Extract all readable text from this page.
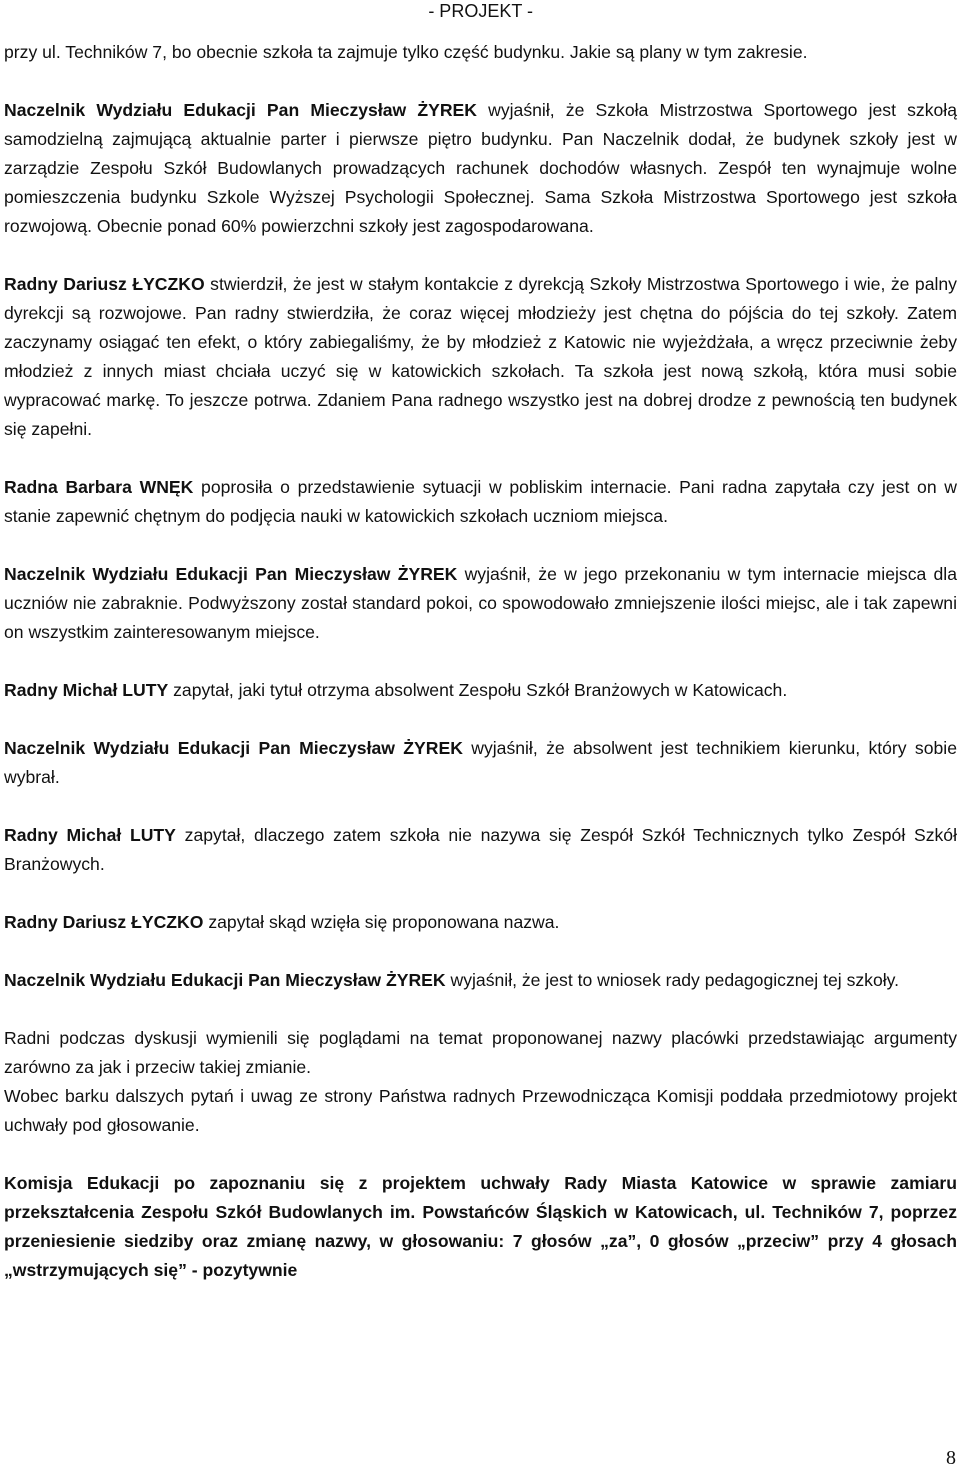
- PROJEKT -

przy ul. Techników 7, bo obecnie szkoła ta zajmuje tylko część budynku. Jakie są plany w tym zakresie.

Naczelnik Wydziału Edukacji Pan Mieczysław ŻYREK wyjaśnił, że Szkoła Mistrzostwa Sportowego jest szkołą samodzielną zajmującą aktualnie parter i pierwsze piętro budynku. Pan Naczelnik dodał, że budynek szkoły jest w zarządzie Zespołu Szkół Budowlanych prowadzących rachunek dochodów własnych. Zespół ten wynajmuje wolne pomieszczenia budynku Szkole Wyższej Psychologii Społecznej. Sama Szkoła Mistrzostwa Sportowego jest szkoła rozwojową. Obecnie ponad 60% powierzchni szkoły jest zagospodarowana.

Radny Dariusz ŁYCZKO stwierdził, że jest w stałym kontakcie z dyrekcją Szkoły Mistrzostwa Sportowego i wie, że palny dyrekcji są rozwojowe. Pan radny stwierdziła, że coraz więcej młodzieży jest chętna do pójścia do tej szkoły. Zatem zaczynamy osiągać ten efekt, o który zabiegaliśmy, że by młodzież z Katowic nie wyjeżdżała, a wręcz przeciwnie żeby młodzież z innych miast chciała uczyć się w katowickich szkołach. Ta szkoła jest nową szkołą, która musi sobie wypracować markę. To jeszcze potrwa. Zdaniem Pana radnego wszystko jest na dobrej drodze z pewnością ten budynek się zapełni.

Radna Barbara WNĘK poprosiła o przedstawienie sytuacji w pobliskim internacie. Pani radna zapytała czy jest on w stanie zapewnić chętnym do podjęcia nauki w katowickich szkołach uczniom miejsca.

Naczelnik Wydziału Edukacji Pan Mieczysław ŻYREK wyjaśnił, że w jego przekonaniu w tym internacie miejsca dla uczniów nie zabraknie. Podwyższony został standard pokoi, co spowodowało zmniejszenie ilości miejsc, ale i tak zapewni on wszystkim zainteresowanym miejsce.

Radny Michał LUTY zapytał, jaki tytuł otrzyma absolwent Zespołu Szkół Branżowych w Katowicach.

Naczelnik Wydziału Edukacji Pan Mieczysław ŻYREK wyjaśnił, że absolwent jest technikiem kierunku, który sobie wybrał.

Radny Michał LUTY zapytał, dlaczego zatem szkoła nie nazywa się Zespół Szkół Technicznych tylko Zespół Szkół Branżowych.

Radny Dariusz ŁYCZKO zapytał skąd wzięła się proponowana nazwa.

Naczelnik Wydziału Edukacji Pan Mieczysław ŻYREK wyjaśnił, że jest to wniosek rady pedagogicznej tej szkoły.

Radni podczas dyskusji wymienili się poglądami na temat proponowanej nazwy placówki przedstawiając argumenty zarówno za jak i przeciw takiej zmianie.

Wobec barku dalszych pytań i uwag ze strony Państwa radnych Przewodnicząca Komisji poddała przedmiotowy projekt uchwały pod głosowanie.

Komisja Edukacji po zapoznaniu się z projektem uchwały Rady Miasta Katowice w sprawie zamiaru przekształcenia Zespołu Szkół Budowlanych im. Powstańców Śląskich w Katowicach, ul. Techników 7, poprzez przeniesienie siedziby oraz zmianę nazwy, w głosowaniu: 7 głosów „za”, 0 głosów „przeciw” przy 4 głosach „wstrzymujących się” - pozytywnie

8
